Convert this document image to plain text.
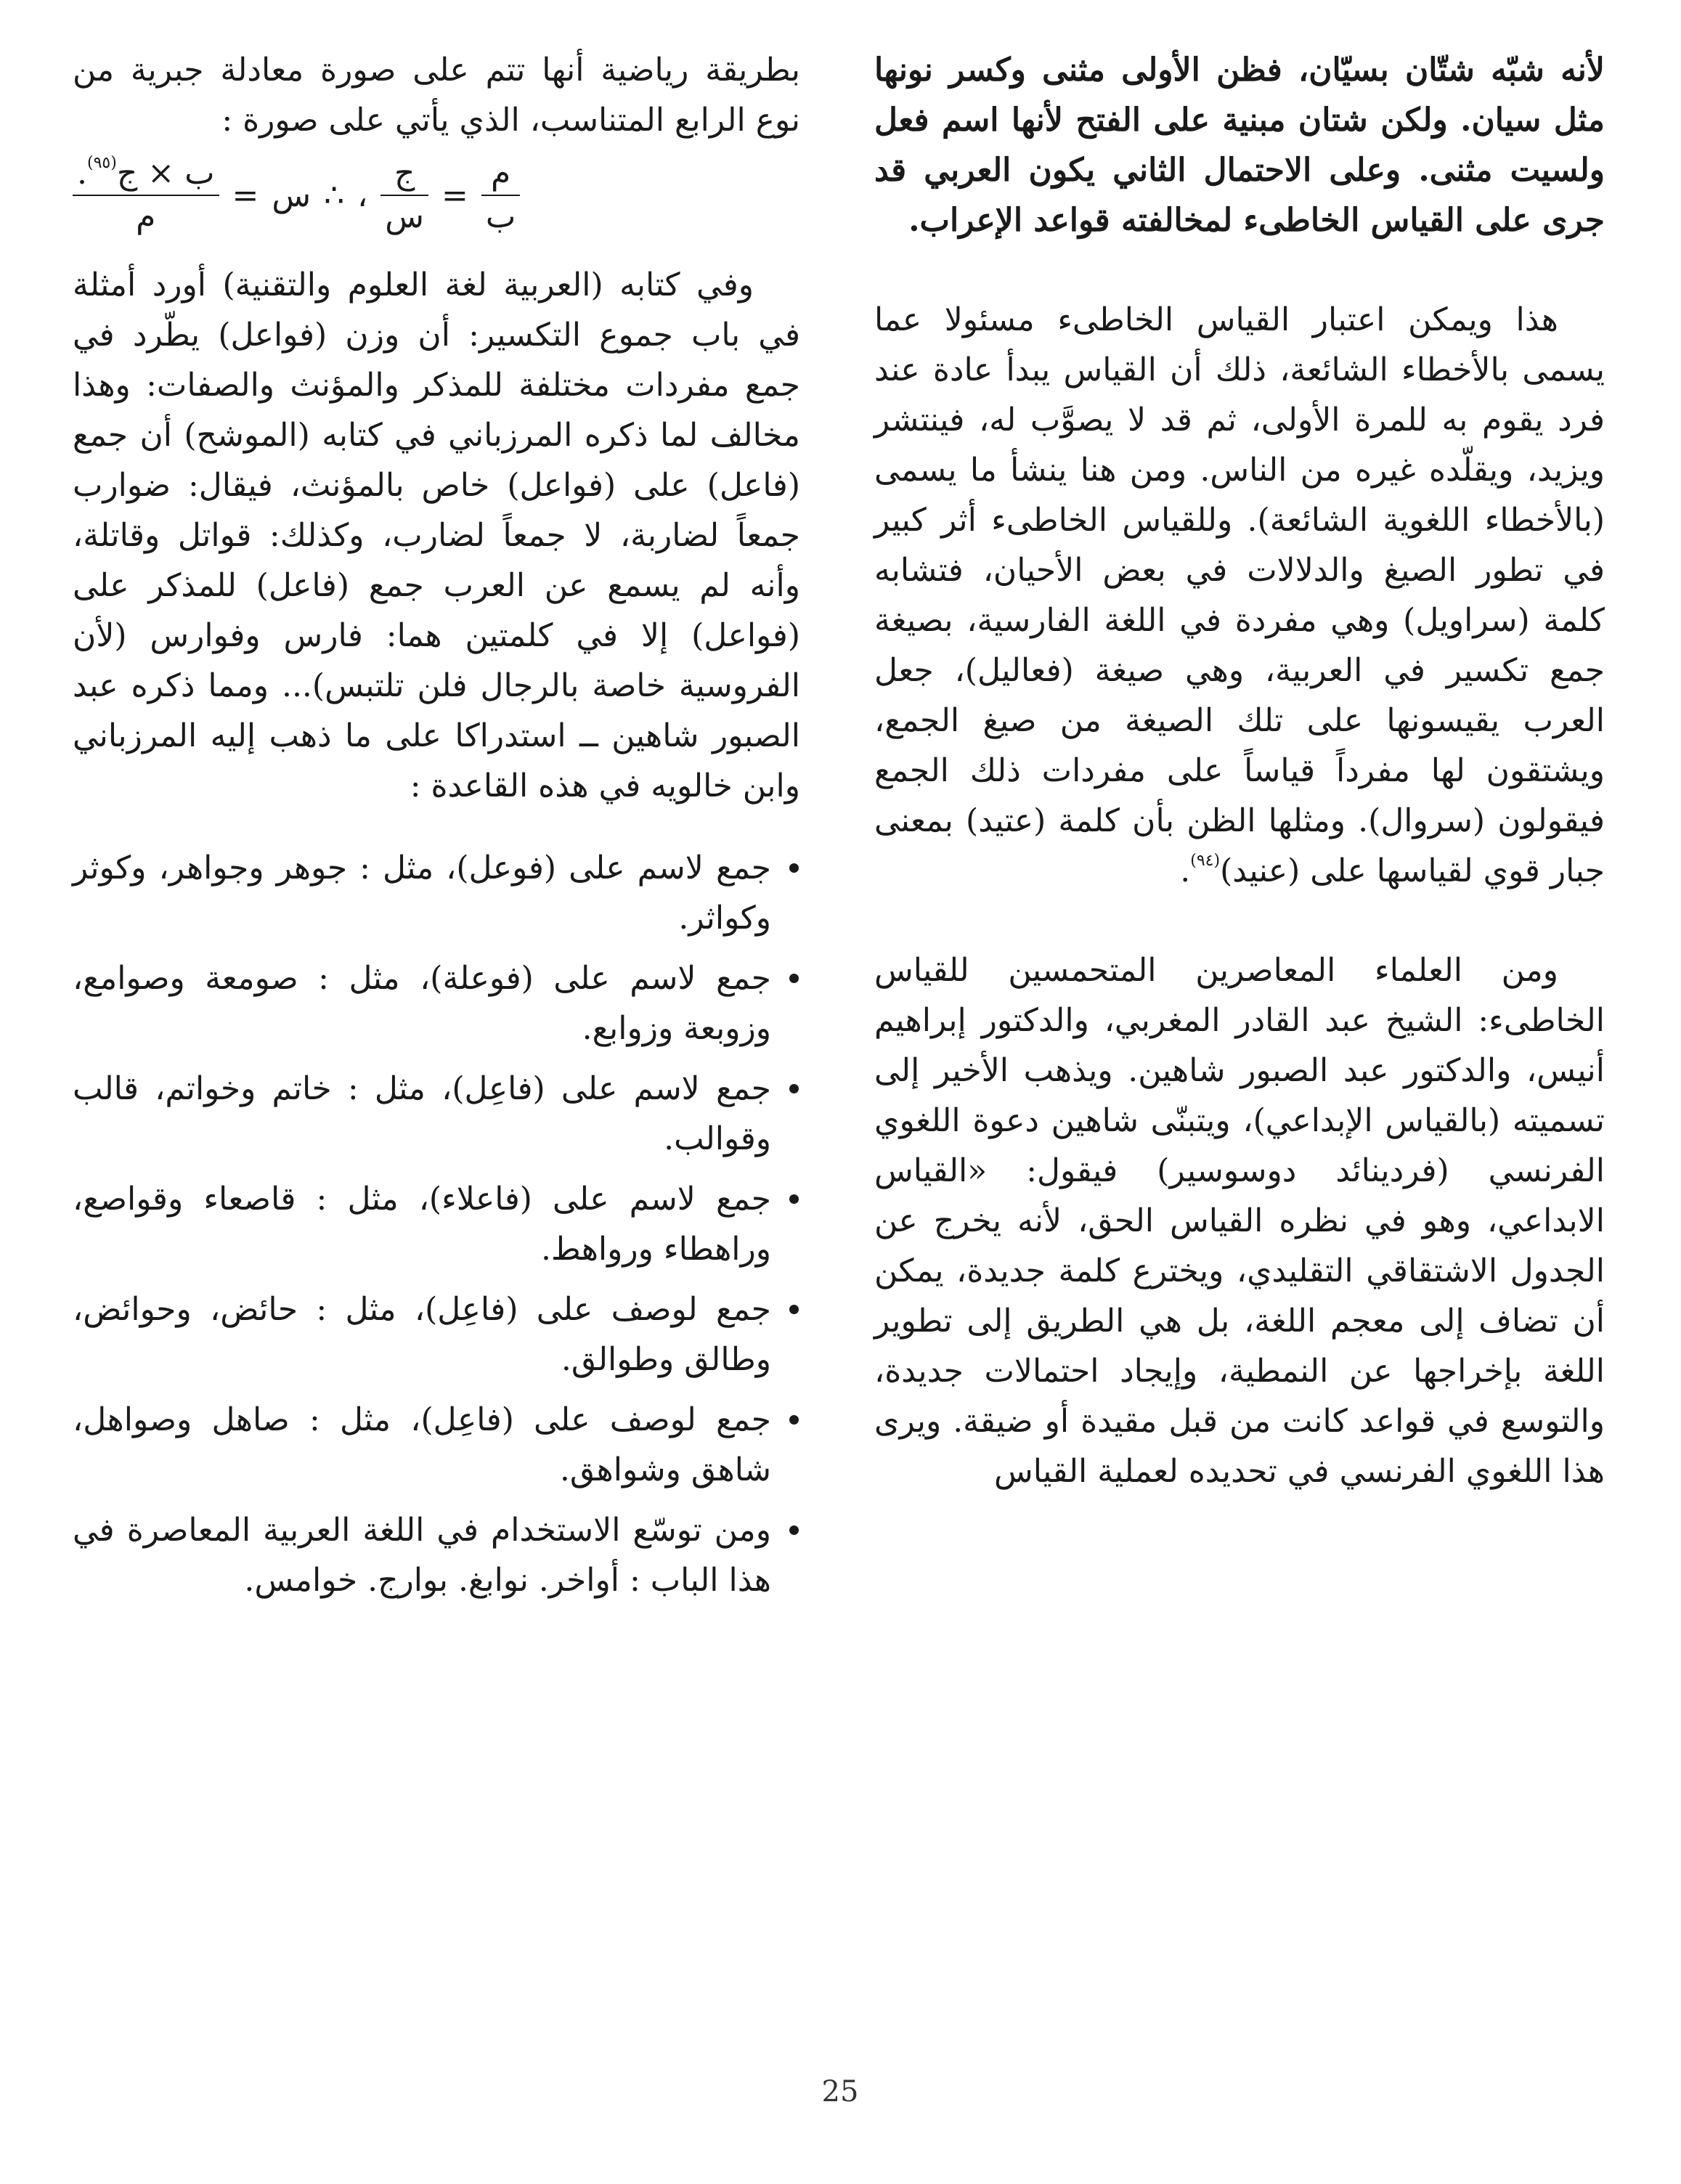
لأنه شبّه شتّان بسيّان، فظن الأولى مثنى وكسر نونها مثل سيان. ولكن شتان مبنية على الفتح لأنها اسم فعل ولسيت مثنى. وعلى الاحتمال الثاني يكون العربي قد جرى على القياس الخاطىء لمخالفته قواعد الإعراب.

هذا ويمكن اعتبار القياس الخاطىء مسئولا عما يسمى بالأخطاء الشائعة، ذلك أن القياس يبدأ عادة عند فرد يقوم به للمرة الأولى، ثم قد لا يصوَّب له، فينتشر ويزيد، ويقلّده غيره من الناس. ومن هنا ينشأ ما يسمى (بالأخطاء اللغوية الشائعة). وللقياس الخاطىء أثر كبير في تطور الصيغ والدلالات في بعض الأحيان، فتشابه كلمة (سراويل) وهي مفردة في اللغة الفارسية، بصيغة جمع تكسير في العربية، وهي صيغة (فعاليل)، جعل العرب يقيسونها على تلك الصيغة من صيغ الجمع، ويشتقون لها مفرداً قياساً على مفردات ذلك الجمع فيقولون (سروال). ومثلها الظن بأن كلمة (عتيد) بمعنى جبار قوي لقياسها على (عنيد)$^{(٩٤)}$.

ومن العلماء المعاصرين المتحمسين للقياس الخاطىء: الشيخ عبد القادر المغربي، والدكتور إبراهيم أنيس، والدكتور عبد الصبور شاهين. ويذهب الأخير إلى تسميته (بالقياس الإبداعي)، ويتبنّى شاهين دعوة اللغوي الفرنسي (فردينائد دوسوسير) فيقول: «القياس الابداعي، وهو في نظره القياس الحق، لأنه يخرج عن الجدول الاشتقاقي التقليدي، ويخترع كلمة جديدة، يمكن أن تضاف إلى معجم اللغة، بل هي الطريق إلى تطوير اللغة بإخراجها عن النمطية، وإيجاد احتمالات جديدة، والتوسع في قواعد كانت من قبل مقيدة أو ضيقة. ويرى هذا اللغوي الفرنسي في تحديده لعملية القياس

بطريقة رياضية أنها تتم على صورة معادلة جبرية من نوع الرابع المتناسب، الذي يأتي على صورة :

$\frac{\text{م}}{\text{ب}}$
=
$\frac{\text{ج}}{\text{س}}$
،
∴
س
=
$\frac{ب \times ج^{(٩٥)}.}{\text{م}}$

وفي كتابه (العربية لغة العلوم والتقنية) أورد أمثلة في باب جموع التكسير: أن وزن (فواعل) يطّرد في جمع مفردات مختلفة للمذكر والمؤنث والصفات: وهذا مخالف لما ذكره المرزباني في كتابه (الموشح) أن جمع (فاعل) على (فواعل) خاص بالمؤنث، فيقال: ضوارب جمعاً لضاربة، لا جمعاً لضارب، وكذلك: قواتل وقاتلة، وأنه لم يسمع عن العرب جمع (فاعل) للمذكر على (فواعل) إلا في كلمتين هما: فارس وفوارس (لأن الفروسية خاصة بالرجال فلن تلتبس)... ومما ذكره عبد الصبور شاهين ــ استدراكا على ما ذهب إليه المرزباني وابن خالويه في هذه القاعدة :

جمع لاسم على (فوعل)، مثل : جوهر وجواهر، وكوثر وكواثر.
جمع لاسم على (فوعلة)، مثل : صومعة وصوامع، وزوبعة وزوابع.
جمع لاسم على (فاعِل)، مثل : خاتم وخواتم، قالب وقوالب.
جمع لاسم على (فاعلاء)، مثل : قاصعاء وقواصع، وراهطاء ورواهط.
جمع لوصف على (فاعِل)، مثل : حائض، وحوائض، وطالق وطوالق.
جمع لوصف على (فاعِل)، مثل : صاهل وصواهل، شاهق وشواهق.
ومن توسّع الاستخدام في اللغة العربية المعاصرة في هذا الباب : أواخر. نوابغ. بوارج. خوامس.
25
